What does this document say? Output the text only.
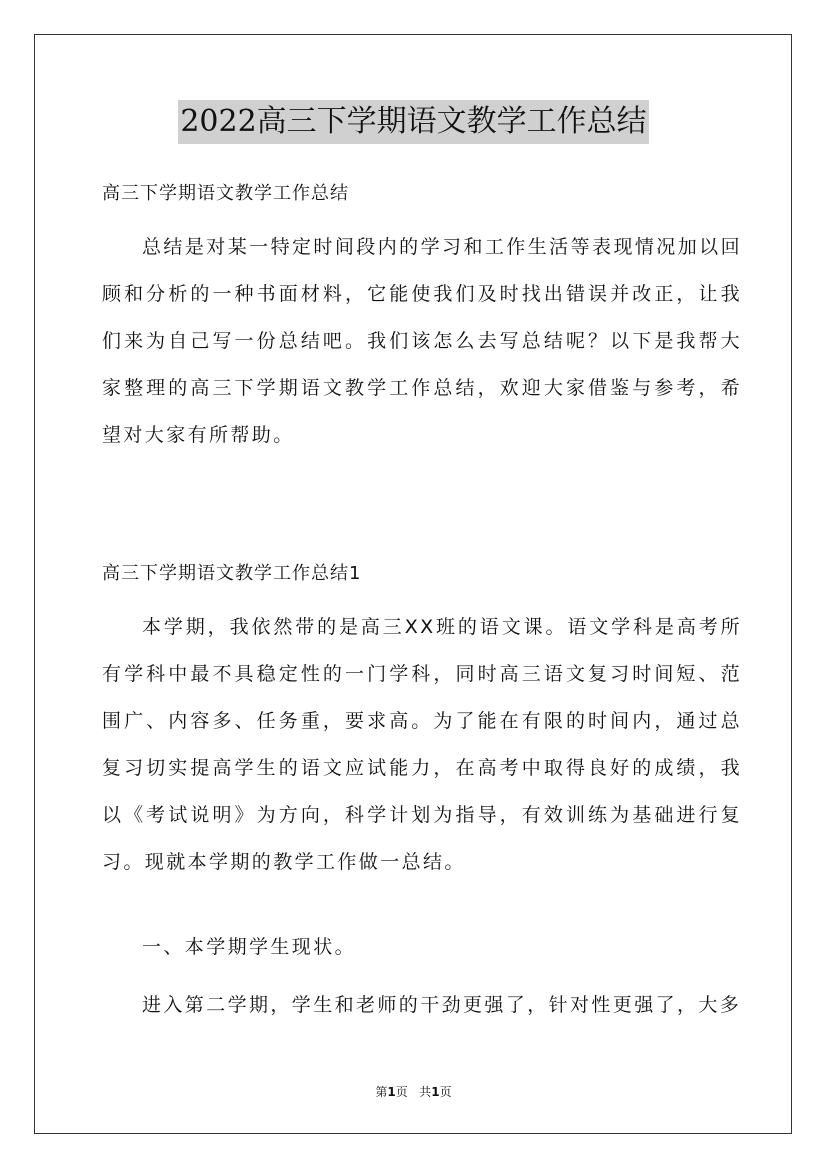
2022高三下学期语文教学工作总结
高三下学期语文教学工作总结

总结是对某一特定时间段内的学习和工作生活等表现情况加以回顾和分析的一种书面材料，它能使我们及时找出错误并改正，让我们来为自己写一份总结吧。我们该怎么去写总结呢？以下是我帮大家整理的高三下学期语文教学工作总结，欢迎大家借鉴与参考，希望对大家有所帮助。

高三下学期语文教学工作总结1

本学期，我依然带的是高三XX班的语文课。语文学科是高考所有学科中最不具稳定性的一门学科，同时高三语文复习时间短、范围广、内容多、任务重，要求高。为了能在有限的时间内，通过总复习切实提高学生的语文应试能力，在高考中取得良好的成绩，我以《考试说明》为方向，科学计划为指导，有效训练为基础进行复习。现就本学期的教学工作做一总结。

一、本学期学生现状。

进入第二学期，学生和老师的干劲更强了，针对性更强了，大多

第1页 共1页
